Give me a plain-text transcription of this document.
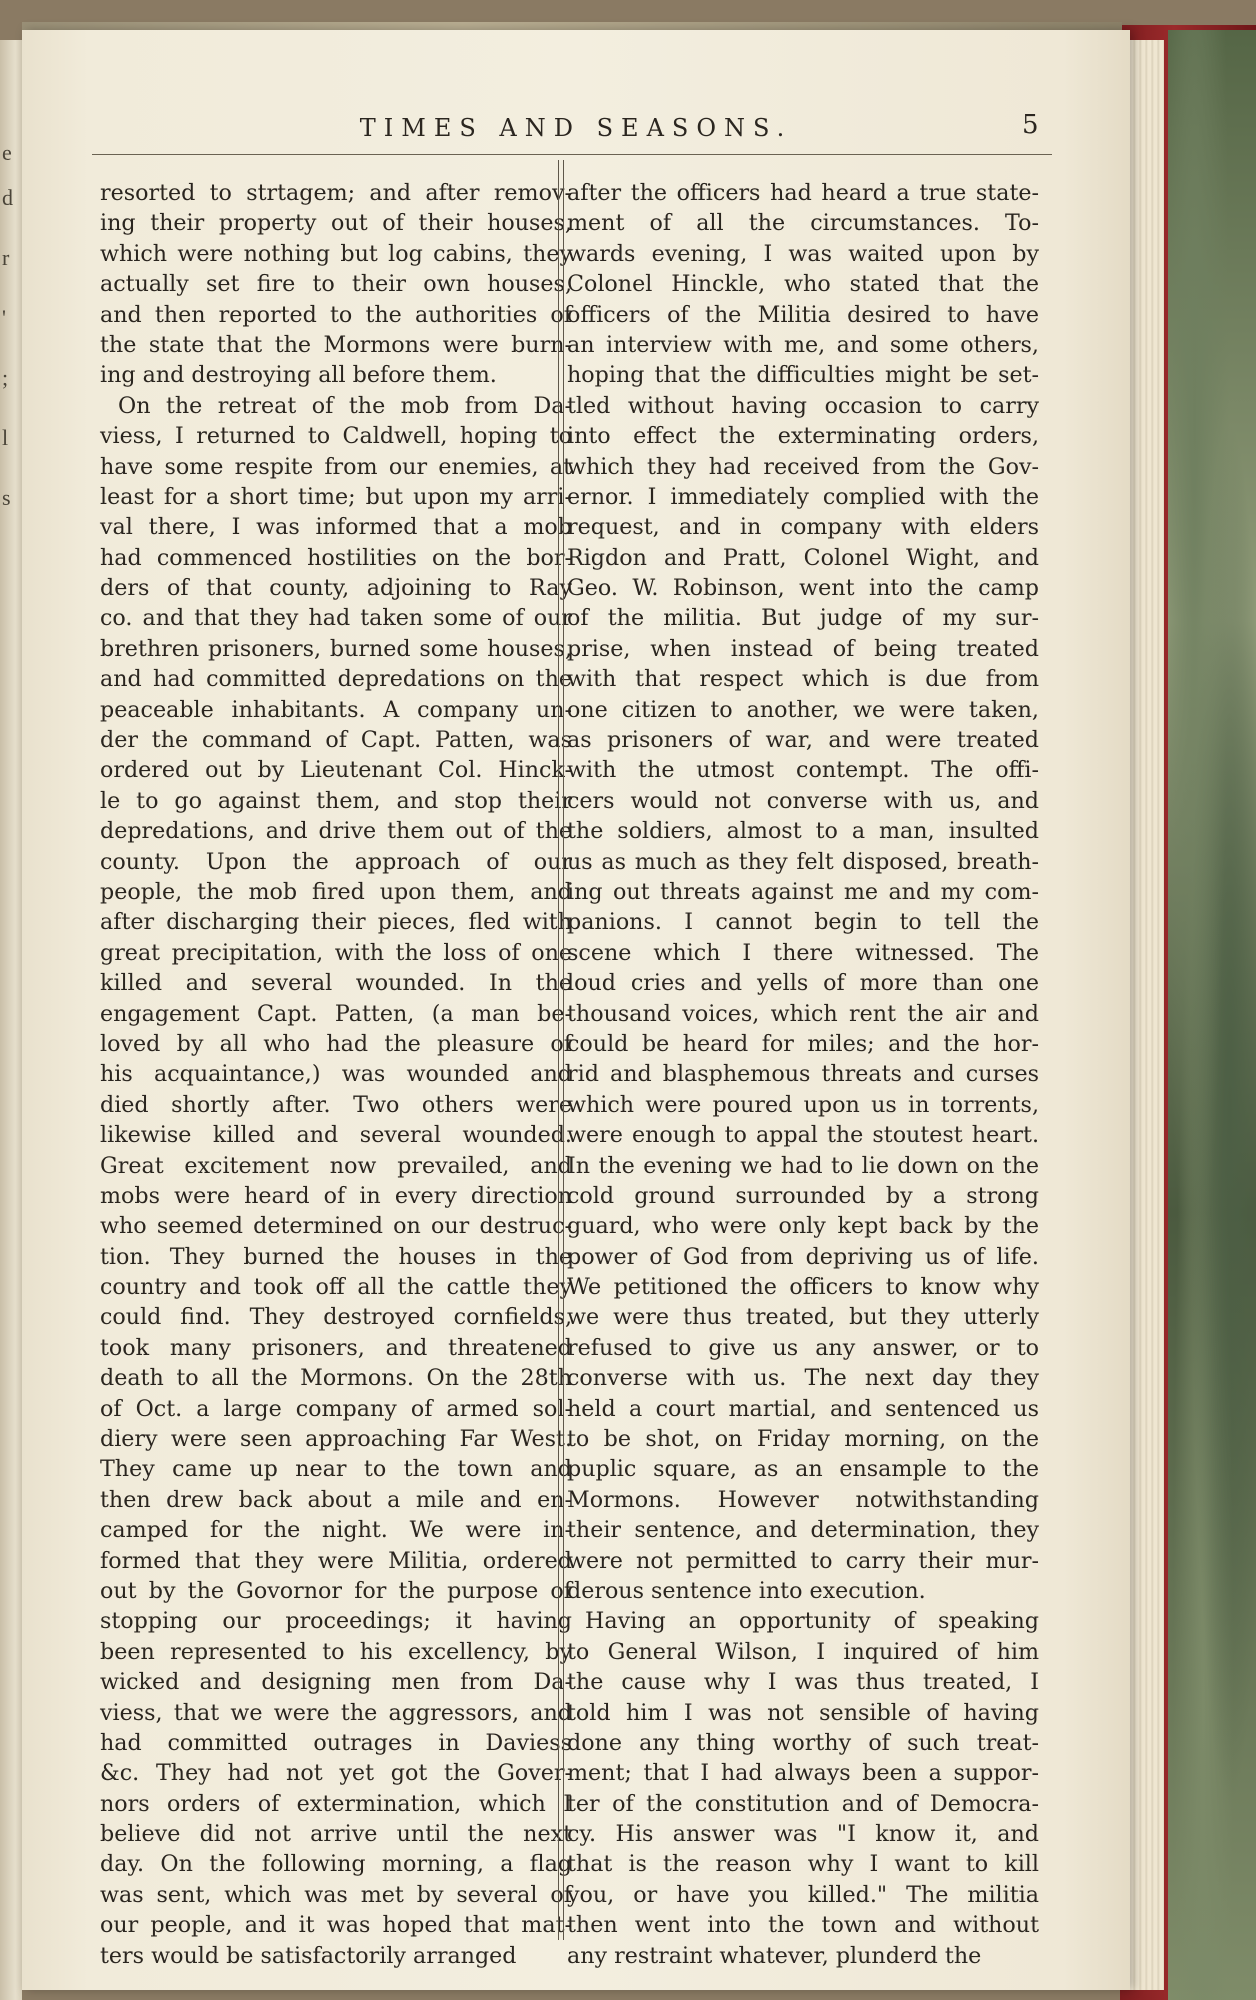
e
d
r
'
;
l
s
TIMES AND SEASONS.	5
resorted to strtagem; and after remov-
ing their property out of their houses,
which were nothing but log cabins, they
actually set fire to their own houses,
and then reported to the authorities of
the state that the Mormons were burn-
ing and destroying all before them.
On the retreat of the mob from Da-
viess, I returned to Caldwell, hoping to
have some respite from our enemies, at
least for a short time; but upon my arri-
val there, I was informed that a mob
had commenced hostilities on the bor-
ders of that county, adjoining to Ray
co. and that they had taken some of our
brethren prisoners, burned some houses,
and had committed depredations on the
peaceable inhabitants. A company un-
der the command of Capt. Patten, was
ordered out by Lieutenant Col. Hinck-
le to go against them, and stop their
depredations, and drive them out of the
county. Upon the approach of our
people, the mob fired upon them, and
after discharging their pieces, fled with
great precipitation, with the loss of one
killed and several wounded. In the
engagement Capt. Patten, (a man be-
loved by all who had the pleasure of
his acquaintance,) was wounded and
died shortly after. Two others were
likewise killed and several wounded.
Great excitement now prevailed, and
mobs were heard of in every direction
who seemed determined on our destruc-
tion. They burned the houses in the
country and took off all the cattle they
could find. They destroyed cornfields,
took many prisoners, and threatened
death to all the Mormons. On the 28th
of Oct. a large company of armed sol-
diery were seen approaching Far West.
They came up near to the town and
then drew back about a mile and en-
camped for the night. We were in-
formed that they were Militia, ordered
out by the Govornor for the purpose of
stopping our proceedings; it having
been represented to his excellency, by
wicked and designing men from Da-
viess, that we were the aggressors, and
had committed outrages in Daviess
&c. They had not yet got the Gover-
nors orders of extermination, which I
believe did not arrive until the next
day. On the following morning, a flag
was sent, which was met by several of
our people, and it was hoped that mat-
ters would be satisfactorily arranged
after the officers had heard a true state-
ment of all the circumstances. To-
wards evening, I was waited upon by
Colonel Hinckle, who stated that the
officers of the Militia desired to have
an interview with me, and some others,
hoping that the difficulties might be set-
tled without having occasion to carry
into effect the exterminating orders,
which they had received from the Gov-
ernor. I immediately complied with the
request, and in company with elders
Rigdon and Pratt, Colonel Wight, and
Geo. W. Robinson, went into the camp
of the militia. But judge of my sur-
prise, when instead of being treated
with that respect which is due from
one citizen to another, we were taken,
as prisoners of war, and were treated
with the utmost contempt. The offi-
cers would not converse with us, and
the soldiers, almost to a man, insulted
us as much as they felt disposed, breath-
ing out threats against me and my com-
panions. I cannot begin to tell the
scene which I there witnessed. The
loud cries and yells of more than one
thousand voices, which rent the air and
could be heard for miles; and the hor-
rid and blasphemous threats and curses
which were poured upon us in torrents,
were enough to appal the stoutest heart.
In the evening we had to lie down on the
cold ground surrounded by a strong
guard, who were only kept back by the
power of God from depriving us of life.
We petitioned the officers to know why
we were thus treated, but they utterly
refused to give us any answer, or to
converse with us. The next day they
held a court martial, and sentenced us
to be shot, on Friday morning, on the
puplic square, as an ensample to the
Mormons. However notwithstanding
their sentence, and determination, they
were not permitted to carry their mur-
derous sentence into execution.
Having an opportunity of speaking
to General Wilson, I inquired of him
the cause why I was thus treated, I
told him I was not sensible of having
done any thing worthy of such treat-
ment; that I had always been a suppor-
ter of the constitution and of Democra-
cy. His answer was "I know it, and
that is the reason why I want to kill
you, or have you killed." The militia
then went into the town and without
any restraint whatever, plunderd the
